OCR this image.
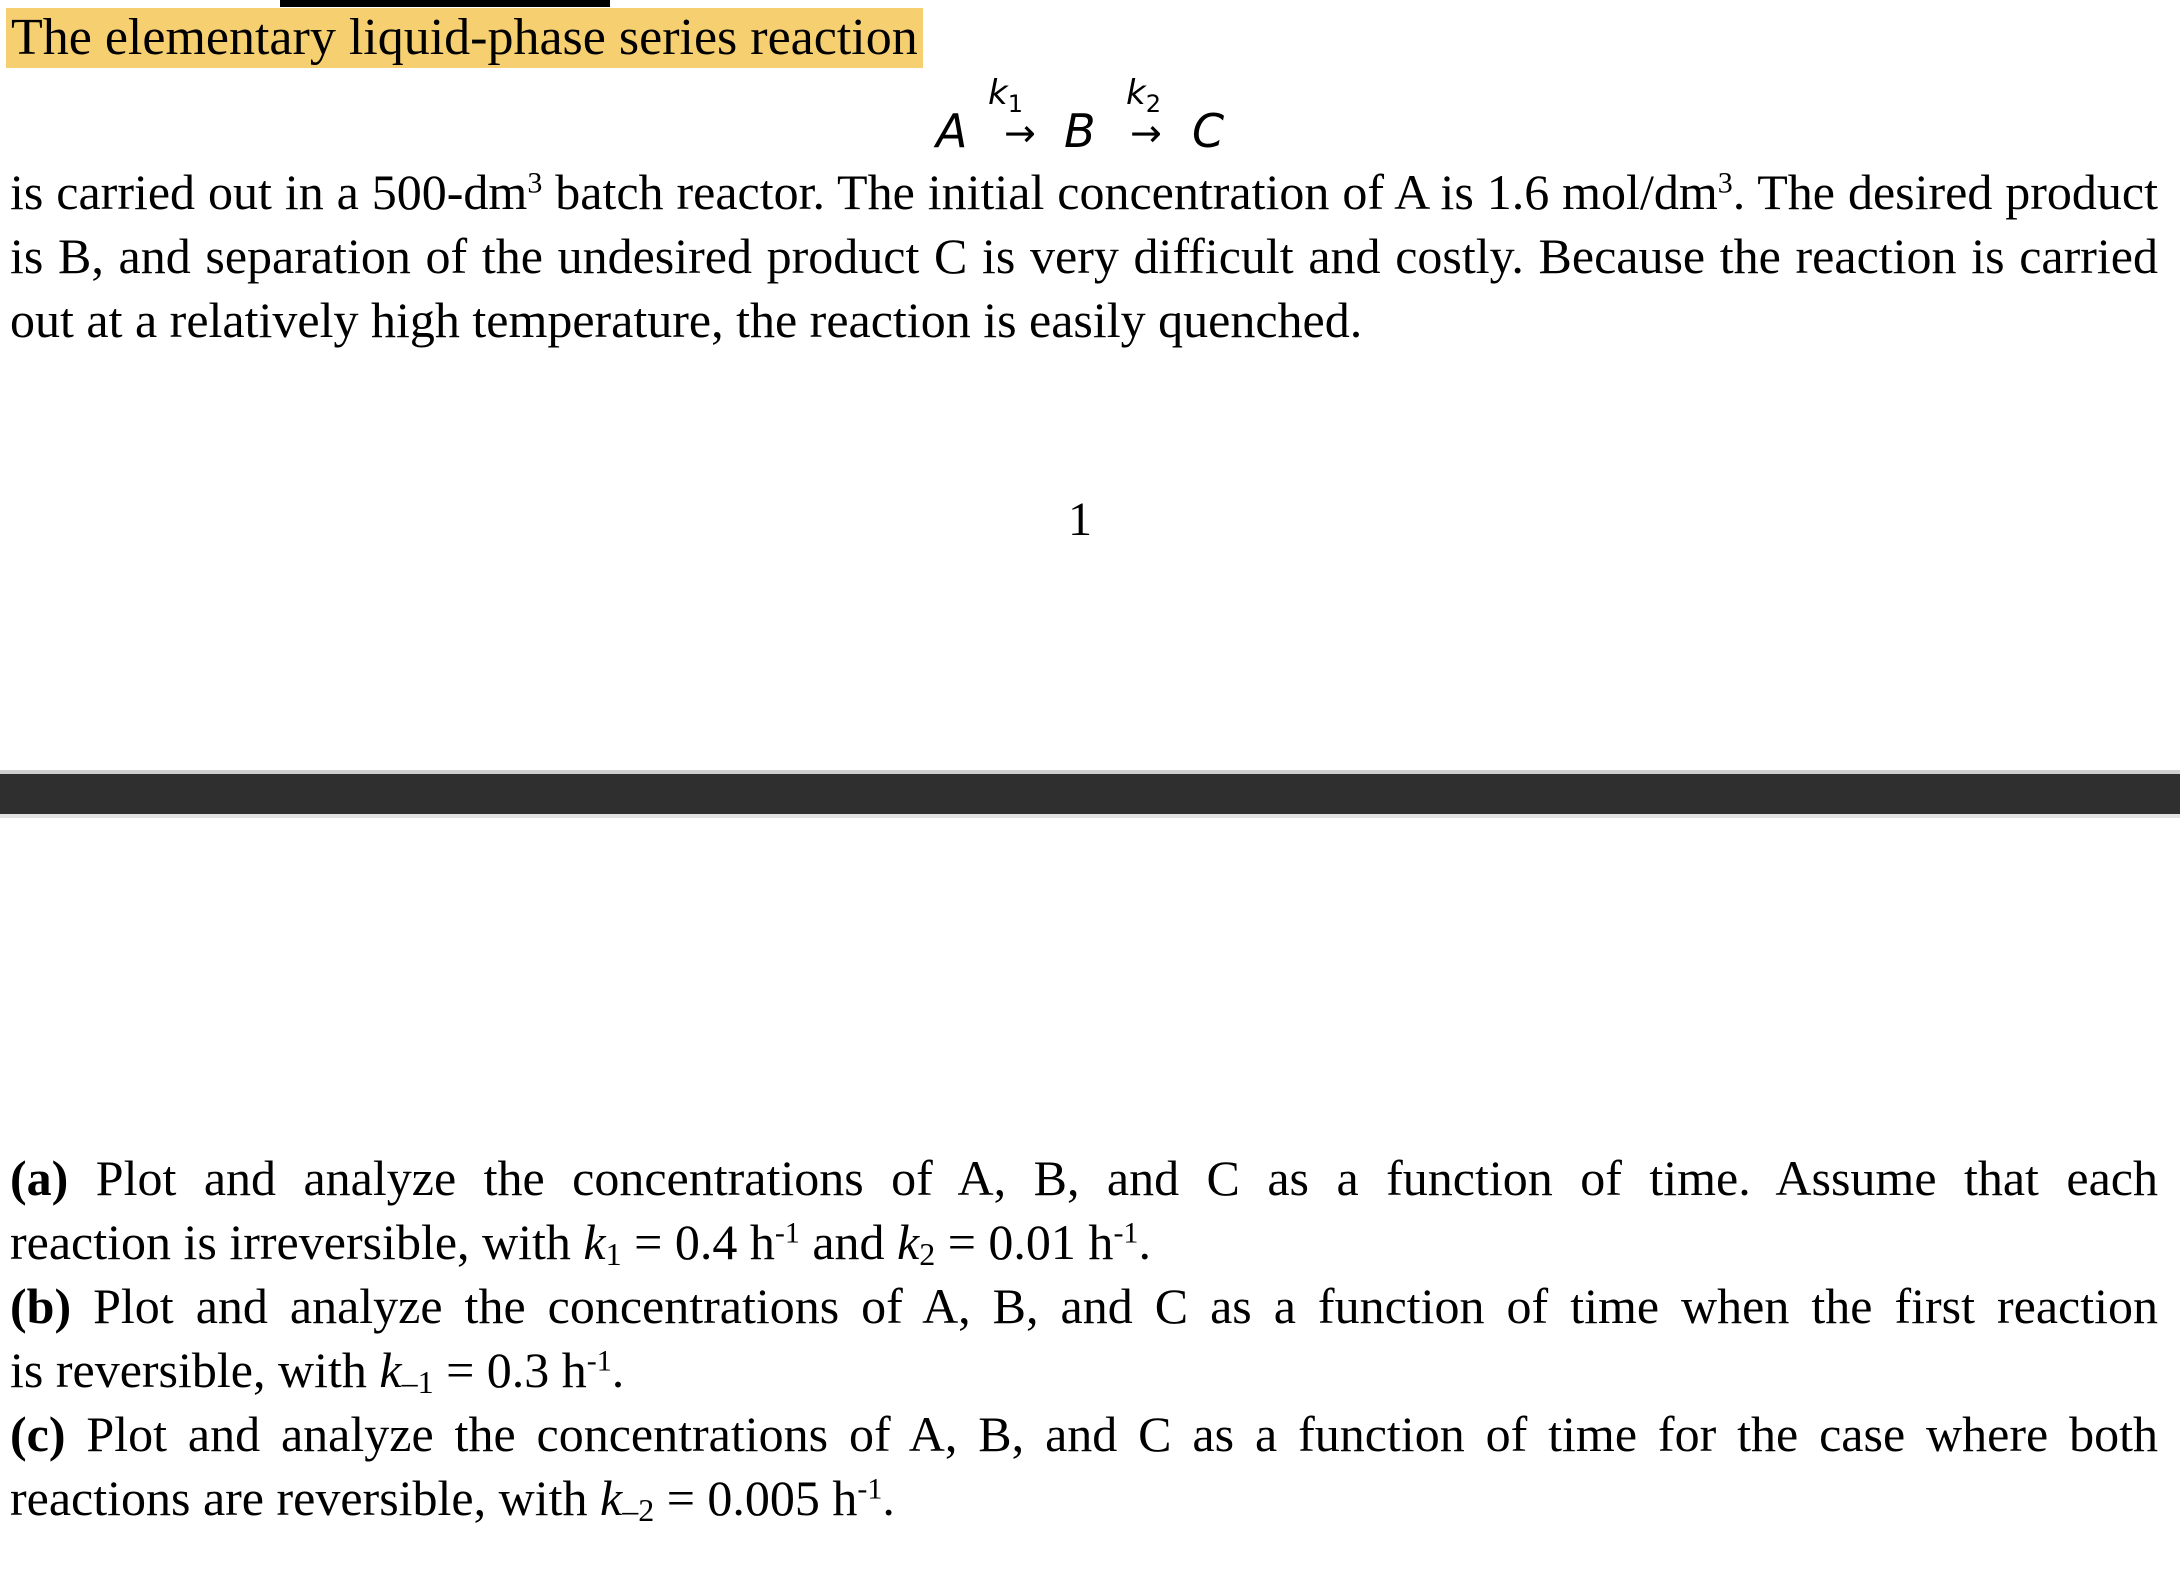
The elementary liquid-phase series reaction
$k_1$	$k_2$
A → B → C
is carried out in a $500-dm^3$ batch reactor. The initial concentration of A is 1.6 mol/$dm^3$. The desired product is B, and separation of the undesired product C is very difficult and costly. Because the reaction is carried out at a relatively high temperature, the reaction is easily quenched.
1
(a) Plot and analyze the concentrations of A, B, and C as a function of time. Assume that each
reaction is irreversible, with $k_1 = 0.4$ $h^{-1}$ and $k_2 = 0.01$ $h^{-1}$.
(b) Plot and analyze the concentrations of A, B, and C as a function of time when the first reaction
is reversible, with $k_{-1} = 0.3$ $h^{-1}$.
(c) Plot and analyze the concentrations of A, B, and C as a function of time for the case where both
reactions are reversible, with $k_{-2} = 0.005$ $h^{-1}$.
